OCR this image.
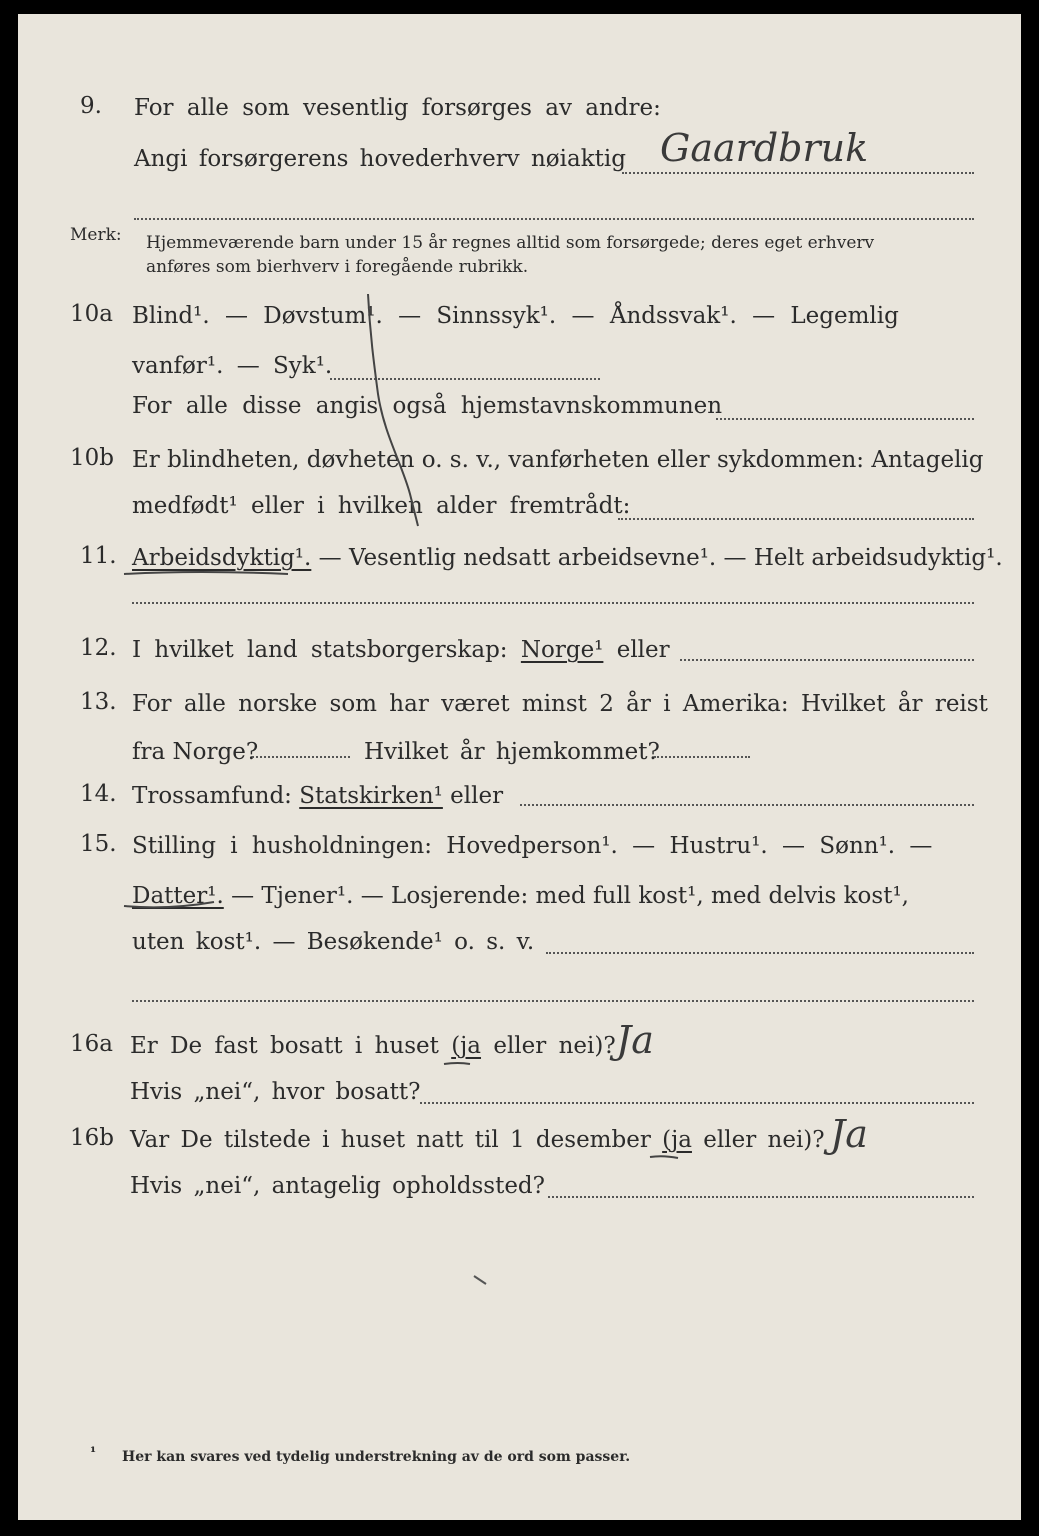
9. For alle som vesentlig forsørges av andre:
Angi forsørgerens hovederhverv nøiaktig Gaardbruk
Merk: Hjemmeværende barn under 15 år regnes alltid som forsørgede; deres eget erhverv
anføres som bierhverv i foregående rubrikk.
10a Blind¹. — Døvstum¹. — Sinnssyk¹. — Åndssvak¹. — Legemlig
vanfør¹. — Syk¹.
For alle disse angis også hjemstavnskommunen
10b Er blindheten, døvheten o. s. v., vanførheten eller sykdommen: Antagelig
medfødt¹ eller i hvilken alder fremtrådt:
11. Arbeidsdyktig¹. — Vesentlig nedsatt arbeidsevne¹. — Helt arbeidsudyktig¹.
12. I hvilket land statsborgerskap: Norge¹ eller
13. For alle norske som har været minst 2 år i Amerika: Hvilket år reist
fra Norge?	Hvilket år hjemkommet?
14. Trossamfund: Statskirken¹ eller
15. Stilling i husholdningen: Hovedperson¹. — Hustru¹. — Sønn¹. —
Datter¹. — Tjener¹. — Losjerende: med full kost¹, med delvis kost¹,
uten kost¹. — Besøkende¹ o. s. v.
16a Er De fast bosatt i huset (ja eller nei)? Ja
Hvis „nei“, hvor bosatt?
16b Var De tilstede i huset natt til 1 desember (ja eller nei)? Ja
Hvis „nei“, antagelig opholdssted?
¹ Her kan svares ved tydelig understrekning av de ord som passer.
